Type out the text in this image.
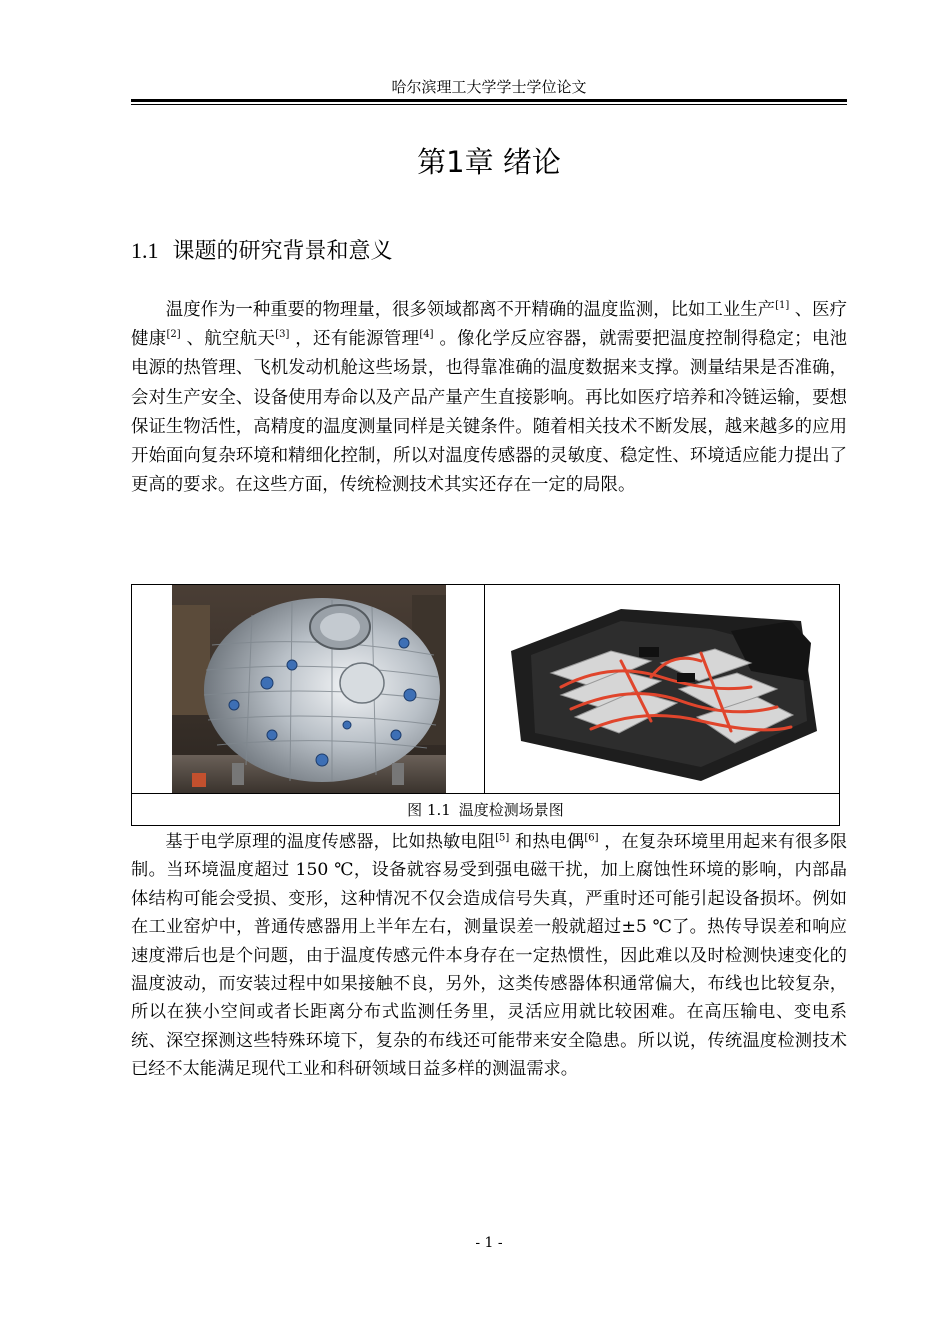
哈尔滨理工大学学士学位论文
第1章 绪论
1.1 课题的研究背景和意义

温度作为一种重要的物理量，很多领域都离不开精确的温度监测，比如工业生产[1] 、医疗健康[2] 、航空航天[3] ，还有能源管理[4] 。像化学反应容器，就需要把温度控制得稳定；电池电源的热管理、飞机发动机舱这些场景，也得靠准确的温度数据来支撑。测量结果是否准确，会对生产安全、设备使用寿命以及产品产量产生直接影响。再比如医疗培养和冷链运输，要想保证生物活性，高精度的温度测量同样是关键条件。随着相关技术不断发展，越来越多的应用开始面向复杂环境和精细化控制，所以对温度传感器的灵敏度、稳定性、环境适应能力提出了更高的要求。在这些方面，传统检测技术其实还存在一定的局限。

图 1.1 温度检测场景图

基于电学原理的温度传感器，比如热敏电阻[5] 和热电偶[6] ，在复杂环境里用起来有很多限制。当环境温度超过 150 ℃，设备就容易受到强电磁干扰，加上腐蚀性环境的影响，内部晶体结构可能会受损、变形，这种情况不仅会造成信号失真，严重时还可能引起设备损坏。例如在工业窑炉中，普通传感器用上半年左右，测量误差一般就超过±5 ℃了。热传导误差和响应速度滞后也是个问题，由于温度传感元件本身存在一定热惯性，因此难以及时检测快速变化的温度波动，而安装过程中如果接触不良，另外，这类传感器体积通常偏大，布线也比较复杂，所以在狭小空间或者长距离分布式监测任务里，灵活应用就比较困难。在高压输电、变电系统、深空探测这些特殊环境下，复杂的布线还可能带来安全隐患。所以说，传统温度检测技术已经不太能满足现代工业和科研领域日益多样的测温需求。

- 1 -
